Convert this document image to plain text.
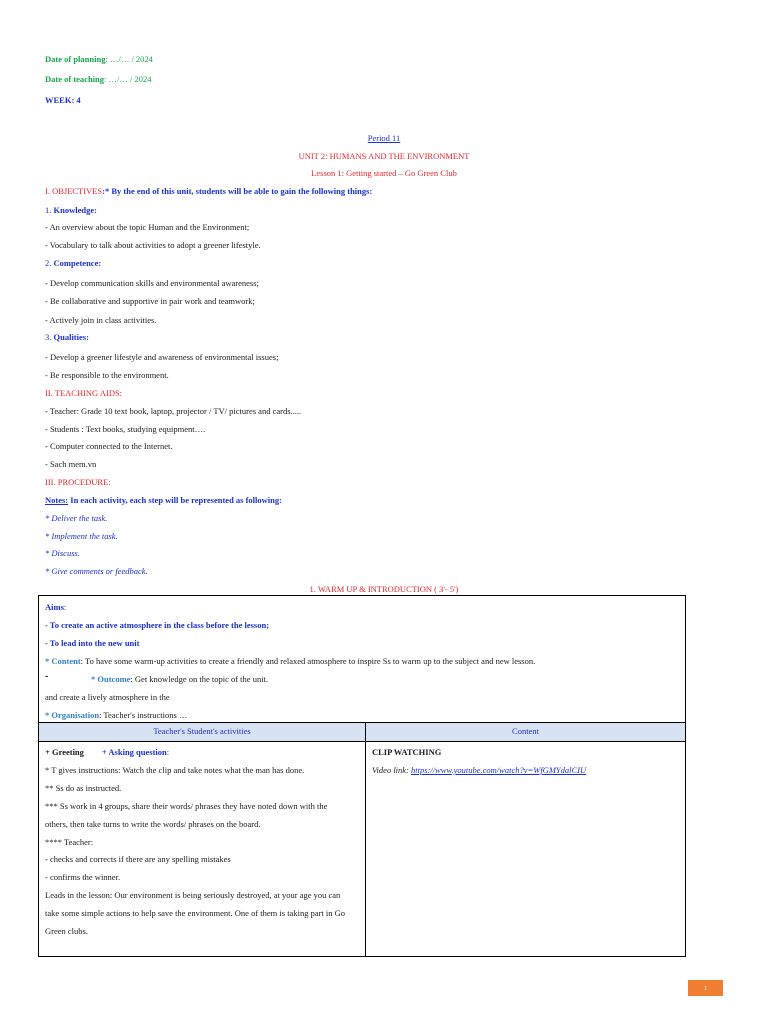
Date of planning: …/… / 2024
Date of teaching: …/… / 2024
WEEK: 4
Period 11
UNIT 2: HUMANS AND THE ENVIRONMENT
Lesson 1: Getting started – Go Green Club
I. OBJECTIVES:* By the end of this unit, students will be able to gain the following things:
1. Knowledge:
- An overview about the topic Human and the Environment;
- Vocabulary to talk about activities to adopt a greener lifestyle.
2. Competence:
- Develop communication skills and environmental awareness;
- Be collaborative and supportive in pair work and teamwork;
- Actively join in class activities.
3. Qualities:
- Develop a greener lifestyle and awareness of environmental issues;
- Be responsible to the environment.
II. TEACHING AIDS:
- Teacher: Grade 10 text book, laptop, projector / TV/ pictures and cards.....
- Students : Text books, studying equipment….
- Computer connected to the Internet.
- Sach mem.vn
III. PROCEDURE:
Notes: In each activity, each step will be represented as following:
* Deliver the task.
* Implement the task.
* Discuss.
* Give comments or feedback.
1. WARM UP & INTRODUCTION ( 3'- 5')
Aims:
- To create an active atmosphere in the class before the lesson;
- To lead into the new unit
* Content: To have some warm-up activities to create a friendly and relaxed atmosphere to inspire Ss to warm up to the subject and new lesson.
-	* Outcome: Get knowledge on the topic of the unit.
and create a lively atmosphere in the
* Organisation: Teacher's instructions …
Teacher's Student's activities	Content
+ Greeting + Asking question:
* T gives instructions: Watch the clip and take notes what the man has done.
** Ss do as instructed.
*** Ss work in 4 groups, share their words/ phrases they have noted down with the
others, then take turns to write the words/ phrases on the board.
**** Teacher:
- checks and corrects if there are any spelling mistakes
- confirms the winner.
Leads in the lesson: Our environment is being seriously destroyed, at your age you can
take some simple actions to help save the environment. One of them is taking part in Go
Green clubs.
CLIP WATCHING
Video link: https://www.youtube.com/watch?v=WfGMYdalCIU
1
